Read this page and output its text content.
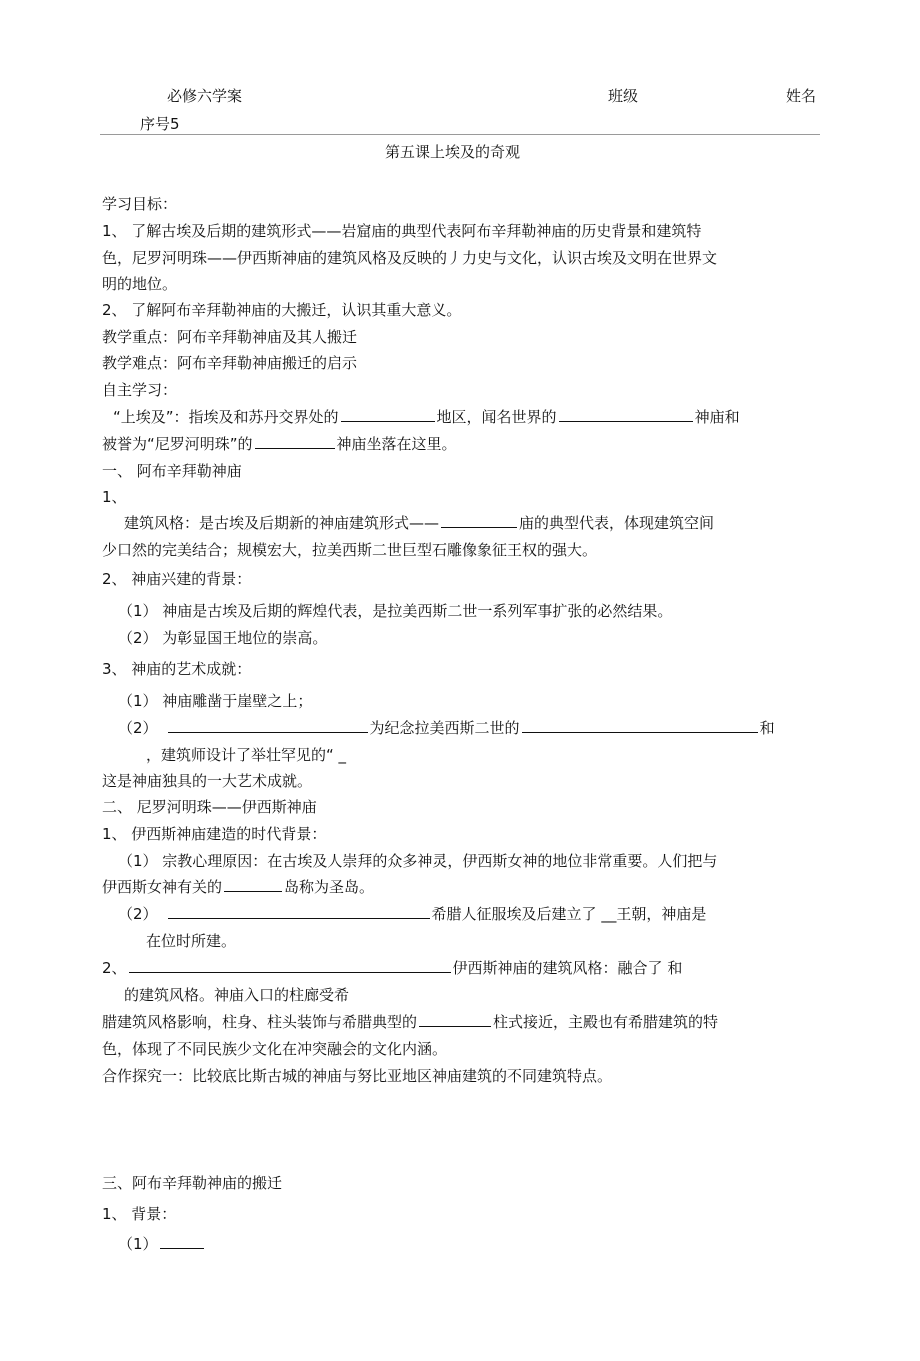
必修六学案	班级	姓名
序号5
第五课上埃及的奇观
学习目标：
1、 了解古埃及后期的建筑形式——岩窟庙的典型代表阿布辛拜勒神庙的历史背景和建筑特
色，尼罗河明珠——伊西斯神庙的建筑风格及反映的丿力史与文化，认识古埃及文明在世界文
明的地位。
2、 了解阿布辛拜勒神庙的大搬迁，认识其重大意义。
教学重点：阿布辛拜勒神庙及其人搬迁
教学难点：阿布辛拜勒神庙搬迁的启示
自主学习：
“上埃及”：指埃及和苏丹交界处的	地区，闻名世界的	神庙和
被誉为“尼罗河明珠”的	神庙坐落在这里。
一、 阿布辛拜勒神庙
1、
建筑风格：是古埃及后期新的神庙建筑形式——	庙的典型代表，体现建筑空间
少口然的完美结合；规模宏大，拉美西斯二世巨型石雕像象征王权的强大。
2、 神庙兴建的背景：
（1） 神庙是古埃及后期的辉煌代表，是拉美西斯二世一系列军事扩张的必然结果。
（2） 为彰显国王地位的崇高。
3、 神庙的艺术成就：
（1） 神庙雕凿于崖壁之上；
（2）	为纪念拉美西斯二世的	和
，建筑师设计了举壮罕见的“ _
这是神庙独具的一大艺术成就。
二、 尼罗河明珠——伊西斯神庙
1、 伊西斯神庙建造的时代背景：
（1） 宗教心理原因：在古埃及人崇拜的众多神灵，伊西斯女神的地位非常重要。人们把与
伊西斯女神有关的	岛称为圣岛。
（2）	希腊人征服埃及后建立了 __王朝，神庙是
在位时所建。
2、	伊西斯神庙的建筑风格：融合了 和
的建筑风格。神庙入口的柱廊受希
腊建筑风格影响，柱身、柱头装饰与希腊典型的	柱式接近，主殿也有希腊建筑的特
色，体现了不同民族少文化在冲突融会的文化内涵。
合作探究一：比较底比斯古城的神庙与努比亚地区神庙建筑的不同建筑特点。
三、阿布辛拜勒神庙的搬迁
1、 背景：
（1）
